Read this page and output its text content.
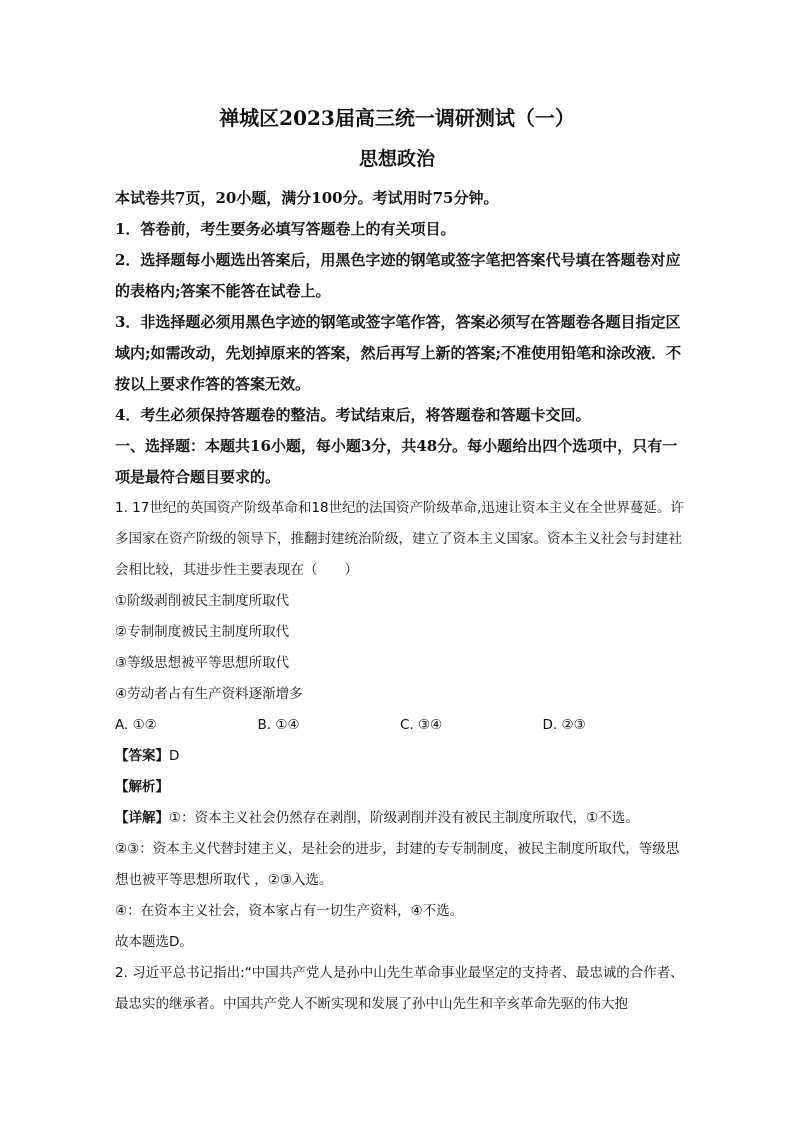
禅城区2023届高三统一调研测试（一）
思想政治

本试卷共7页，20小题，满分100分。考试用时75分钟。

1．答卷前，考生要务必填写答题卷上的有关项目。

2．选择题每小题选出答案后，用黑色字迹的钢笔或签字笔把答案代号填在答题卷对应的表格内;答案不能答在试卷上。

3．非选择题必须用黑色字迹的钢笔或签字笔作答，答案必须写在答题卷各题目指定区域内;如需改动，先划掉原来的答案，然后再写上新的答案;不准使用铅笔和涂改液．不按以上要求作答的答案无效。

4．考生必须保持答题卷的整洁。考试结束后，将答题卷和答题卡交回。

一、选择题：本题共16小题，每小题3分，共48分。每小题给出四个选项中，只有一项是最符合题目要求的。

1. 17世纪的英国资产阶级革命和18世纪的法国资产阶级革命,迅速让资本主义在全世界蔓延。许多国家在资产阶级的领导下，推翻封建统治阶级，建立了资本主义国家。资本主义社会与封建社会相比较，其进步性主要表现在（　　）

①阶级剥削被民主制度所取代

②专制制度被民主制度所取代

③等级思想被平等思想所取代

④劳动者占有生产资料逐渐增多

A. ①②	B. ①④	C. ③④	D. ②③

【答案】D

【解析】

【详解】①：资本主义社会仍然存在剥削，阶级剥削并没有被民主制度所取代，①不选。

②③：资本主义代替封建主义，是社会的进步，封建的专专制制度，被民主制度所取代，等级思想也被平等思想所取代 ，②③入选。

④：在资本主义社会，资本家占有一切生产资料，④不选。

故本题选D。

2. 习近平总书记指出:“中国共产党人是孙中山先生革命事业最坚定的支持者、最忠诚的合作者、最忠实的继承者。中国共产党人不断实现和发展了孙中山先生和辛亥革命先驱的伟大抱
